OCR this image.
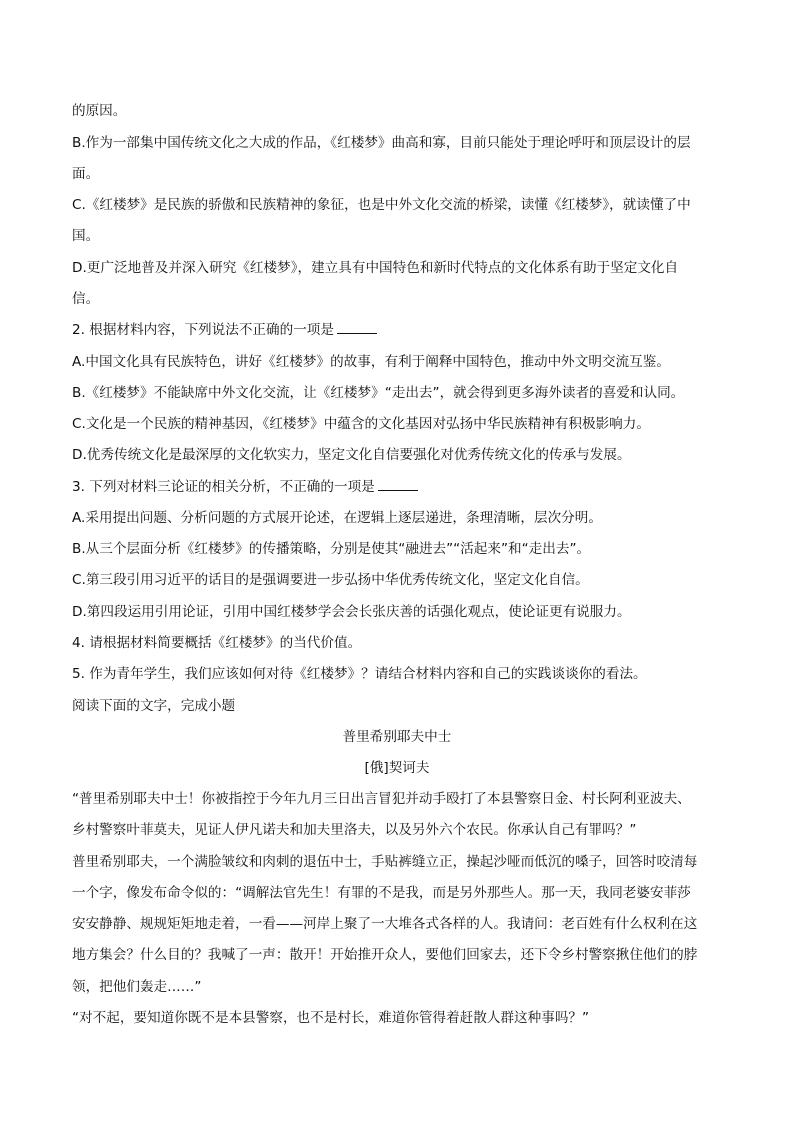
的原因。
B.作为一部集中国传统文化之大成的作品，《红楼梦》曲高和寡，目前只能处于理论呼吁和顶层设计的层
面。
C.《红楼梦》是民族的骄傲和民族精神的象征，也是中外文化交流的桥梁，读懂《红楼梦》，就读懂了中
国。
D.更广泛地普及并深入研究《红楼梦》，建立具有中国特色和新时代特点的文化体系有助于坚定文化自
信。
2. 根据材料内容，下列说法不正确的一项是
A.中国文化具有民族特色，讲好《红楼梦》的故事，有利于阐释中国特色，推动中外文明交流互鉴。
B.《红楼梦》不能缺席中外文化交流，让《红楼梦》“走出去”，就会得到更多海外读者的喜爱和认同。
C.文化是一个民族的精神基因，《红楼梦》中蕴含的文化基因对弘扬中华民族精神有积极影响力。
D.优秀传统文化是最深厚的文化软实力，坚定文化自信要强化对优秀传统文化的传承与发展。
3. 下列对材料三论证的相关分析，不正确的一项是
A.采用提出问题、分析问题的方式展开论述，在逻辑上逐层递进，条理清晰，层次分明。
B.从三个层面分析《红楼梦》的传播策略，分别是使其“融进去”“活起来”和“走出去”。
C.第三段引用习近平的话目的是强调要进一步弘扬中华优秀传统文化，坚定文化自信。
D.第四段运用引用论证，引用中国红楼梦学会会长张庆善的话强化观点，使论证更有说服力。
4. 请根据材料简要概括《红楼梦》的当代价值。
5. 作为青年学生，我们应该如何对待《红楼梦》？请结合材料内容和自己的实践谈谈你的看法。
阅读下面的文字，完成小题
普里希别耶夫中士
[俄]契诃夫
“普里希别耶夫中士！你被指控于今年九月三日出言冒犯并动手殴打了本县警察日金、村长阿利亚波夫、
乡村警察叶菲莫夫，见证人伊凡诺夫和加夫里洛夫，以及另外六个农民。你承认自己有罪吗？”
普里希别耶夫，一个满脸皱纹和肉刺的退伍中士，手贴裤缝立正，操起沙哑而低沉的嗓子，回答时咬清每
一个字，像发布命令似的：“调解法官先生！有罪的不是我，而是另外那些人。那一天，我同老婆安菲莎
安安静静、规规矩矩地走着，一看——河岸上聚了一大堆各式各样的人。我请问：老百姓有什么权利在这
地方集会？什么目的？我喊了一声：散开！开始推开众人，要他们回家去，还下令乡村警察揪住他们的脖
领，把他们轰走……”
“对不起，要知道你既不是本县警察，也不是村长，难道你管得着赶散人群这种事吗？”
